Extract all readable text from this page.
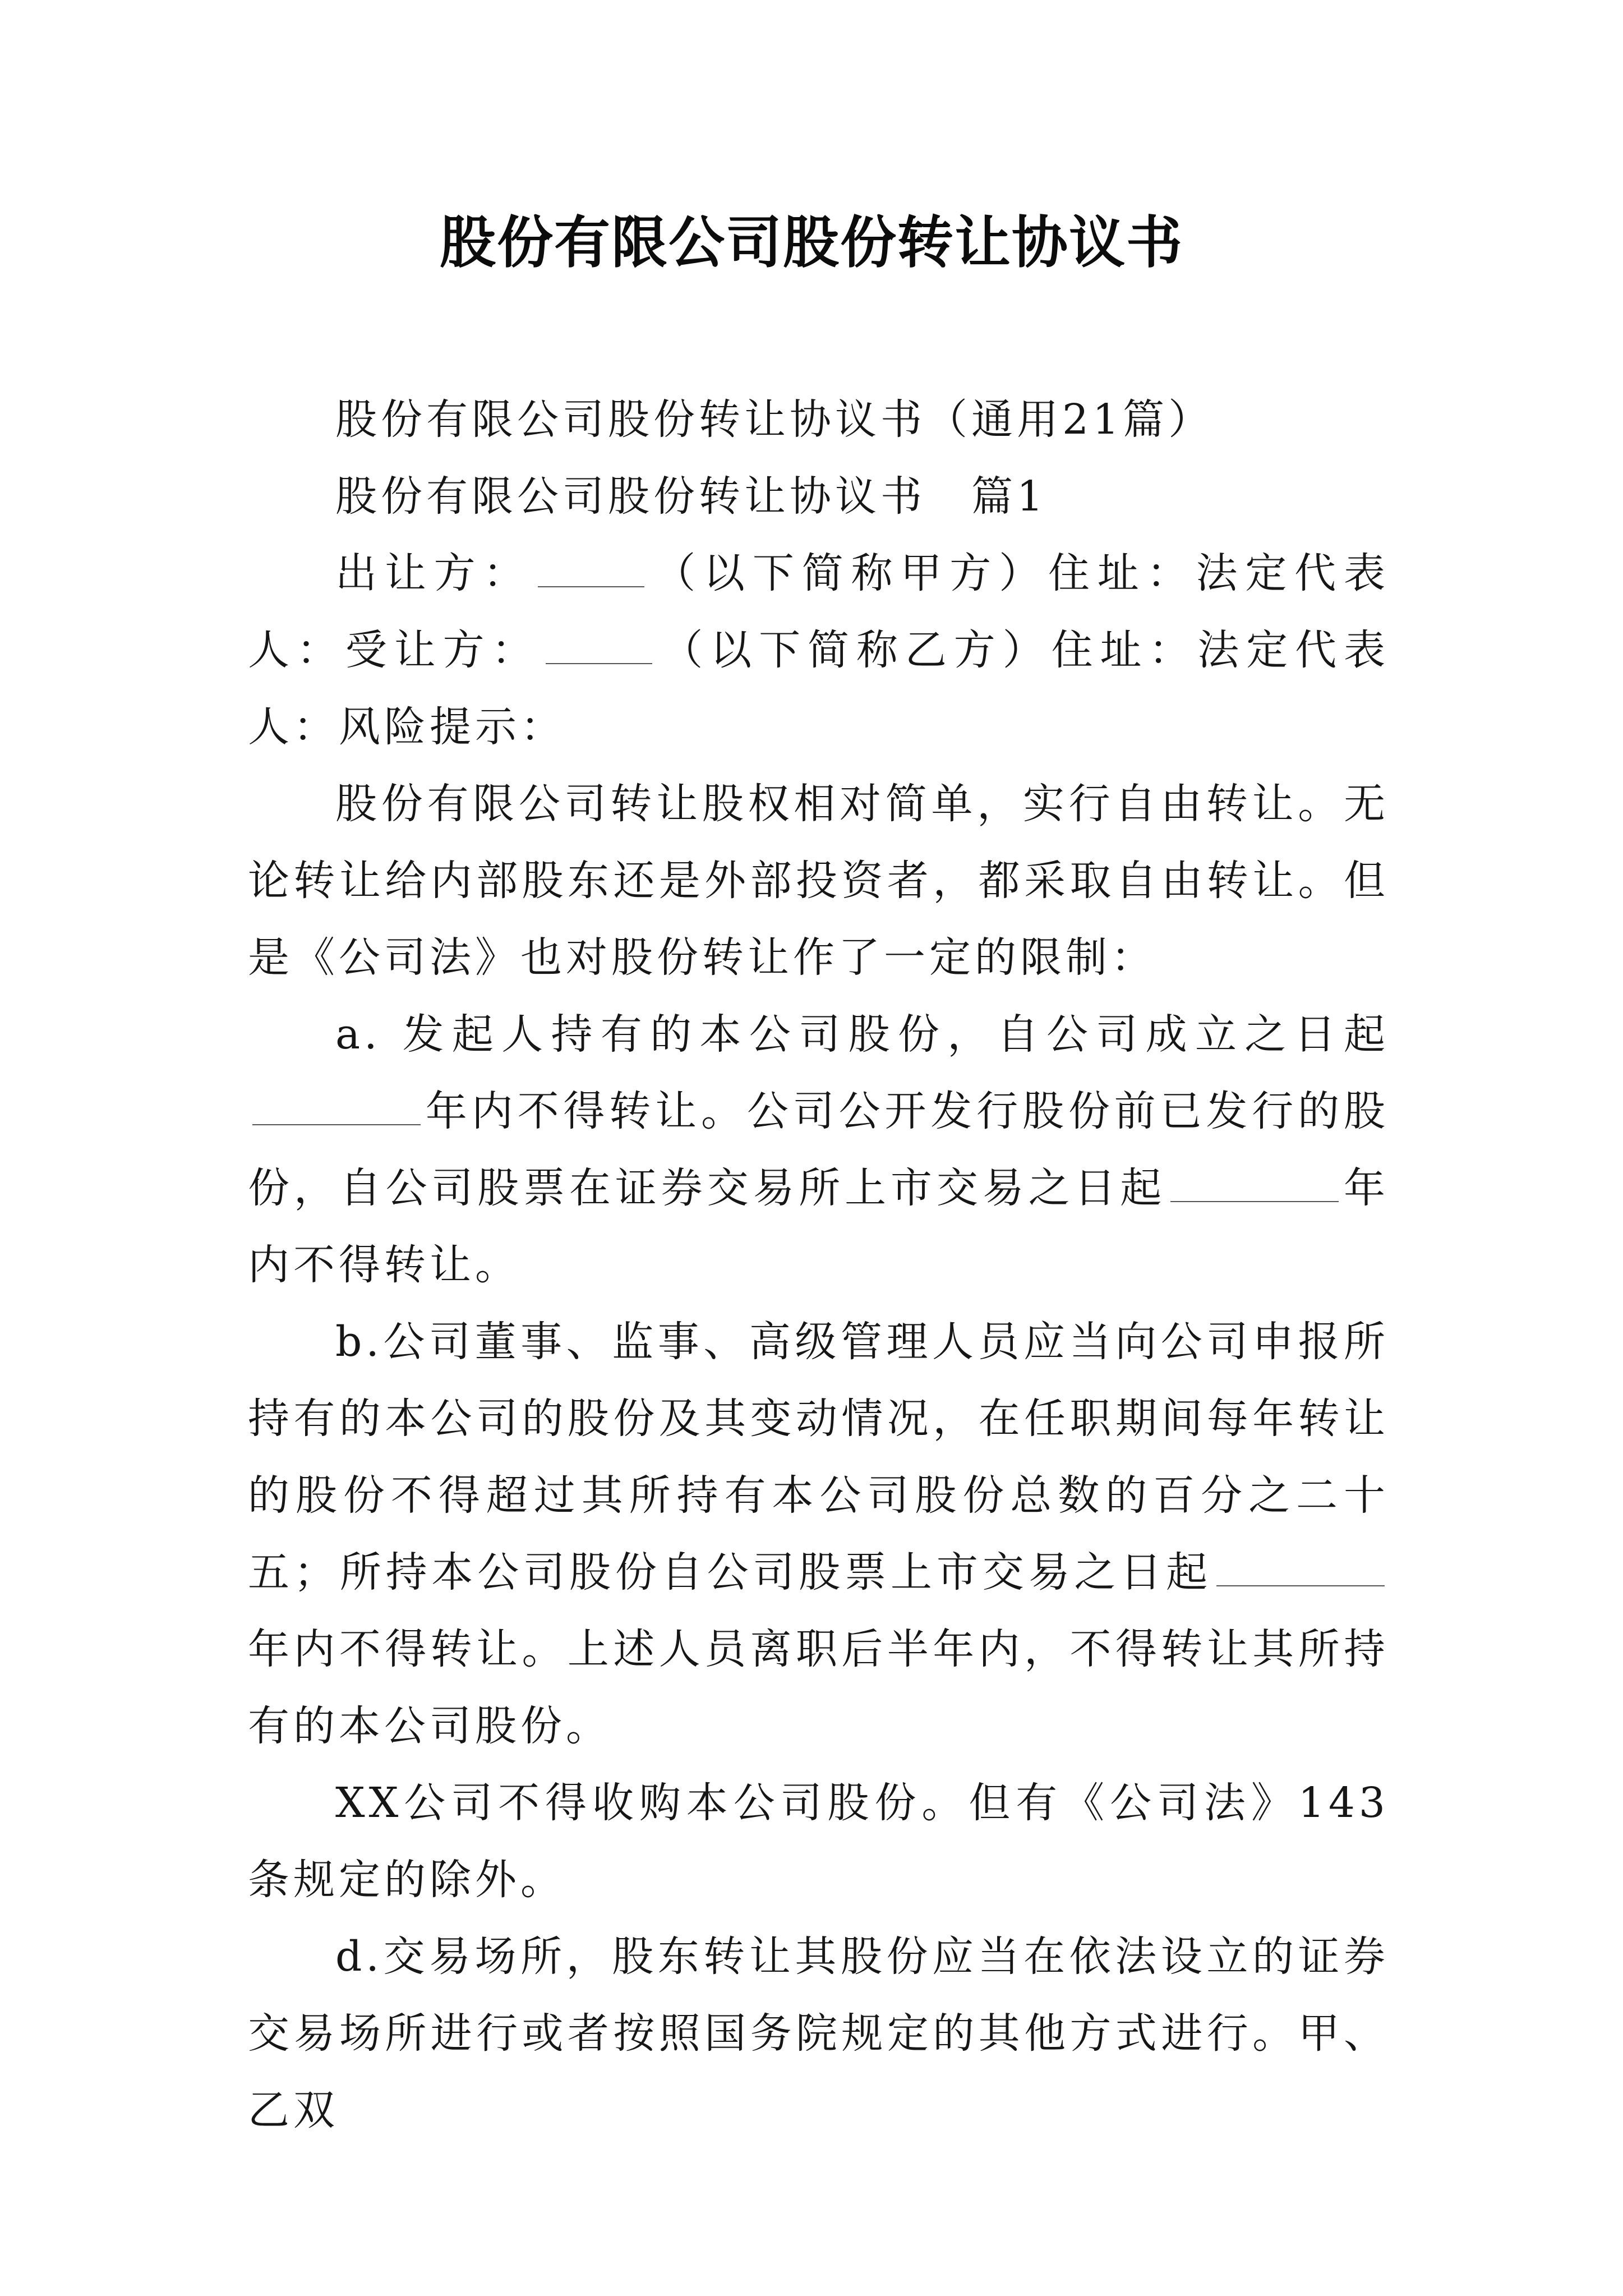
股份有限公司股份转让协议书

股份有限公司股份转让协议书（通用21篇）

股份有限公司股份转让协议书　篇1

出让方：	（以下简称甲方）住址：法定代表人：受让方：	（以下简称乙方）住址：法定代表人：风险提示：

股份有限公司转让股权相对简单，实行自由转让。无论转让给内部股东还是外部投资者，都采取自由转让。但是《公司法》也对股份转让作了一定的限制：

a. 发起人持有的本公司股份，自公司成立之日起年内不得转让。公司公开发行股份前已发行的股份，自公司股票在证券交易所上市交易之日起	年内不得转让。

b.公司董事、监事、高级管理人员应当向公司申报所持有的本公司的股份及其变动情况，在任职期间每年转让的股份不得超过其所持有本公司股份总数的百分之二十五；所持本公司股份自公司股票上市交易之日起年内不得转让。上述人员离职后半年内，不得转让其所持有的本公司股份。

XX公司不得收购本公司股份。但有《公司法》143条规定的除外。

d.交易场所，股东转让其股份应当在依法设立的证券交易场所进行或者按照国务院规定的其他方式进行。甲、乙双
